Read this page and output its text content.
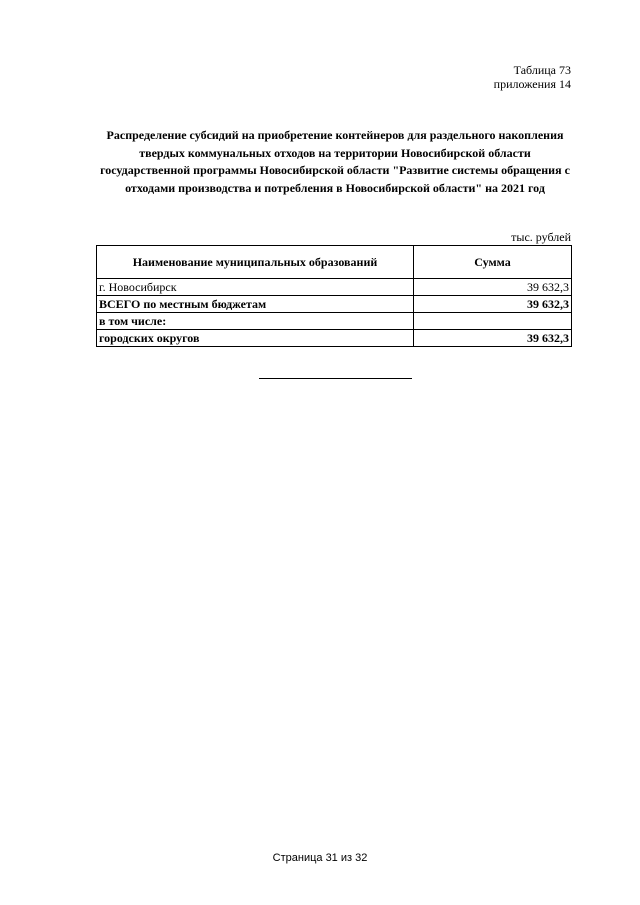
Таблица 73
приложения 14
Распределение субсидий на приобретение контейнеров для раздельного накопления твердых коммунальных отходов на территории Новосибирской области государственной программы Новосибирской области "Развитие системы обращения с отходами производства и потребления в Новосибирской области" на 2021 год
тыс. рублей
Наименование муниципальных образований	Сумма
г. Новосибирск	39 632,3
ВСЕГО по местным бюджетам	39 632,3
в том числе:	
городских округов	39 632,3
Страница 31 из 32
